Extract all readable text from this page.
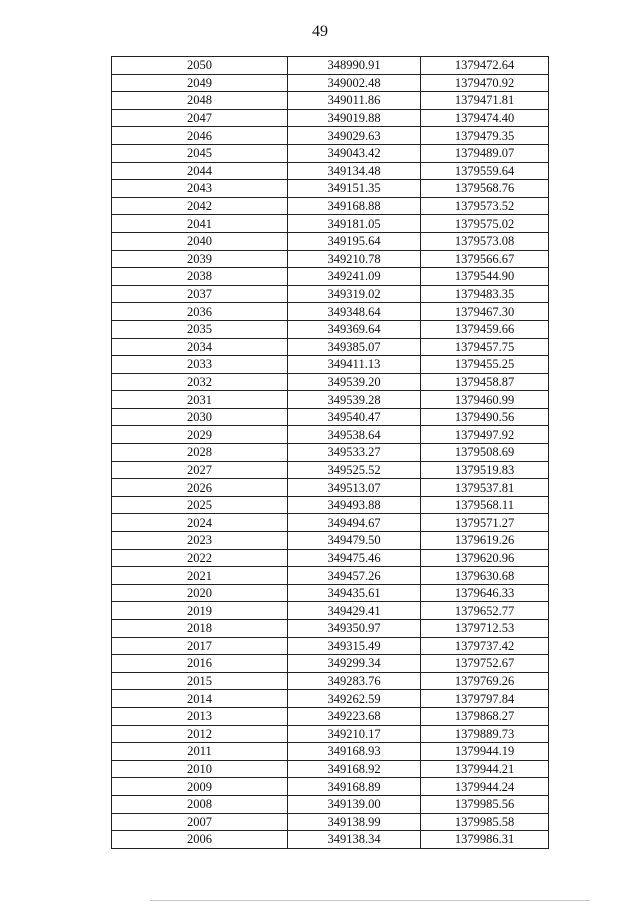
49
2050	348990.91	1379472.64
2049	349002.48	1379470.92
2048	349011.86	1379471.81
2047	349019.88	1379474.40
2046	349029.63	1379479.35
2045	349043.42	1379489.07
2044	349134.48	1379559.64
2043	349151.35	1379568.76
2042	349168.88	1379573.52
2041	349181.05	1379575.02
2040	349195.64	1379573.08
2039	349210.78	1379566.67
2038	349241.09	1379544.90
2037	349319.02	1379483.35
2036	349348.64	1379467.30
2035	349369.64	1379459.66
2034	349385.07	1379457.75
2033	349411.13	1379455.25
2032	349539.20	1379458.87
2031	349539.28	1379460.99
2030	349540.47	1379490.56
2029	349538.64	1379497.92
2028	349533.27	1379508.69
2027	349525.52	1379519.83
2026	349513.07	1379537.81
2025	349493.88	1379568.11
2024	349494.67	1379571.27
2023	349479.50	1379619.26
2022	349475.46	1379620.96
2021	349457.26	1379630.68
2020	349435.61	1379646.33
2019	349429.41	1379652.77
2018	349350.97	1379712.53
2017	349315.49	1379737.42
2016	349299.34	1379752.67
2015	349283.76	1379769.26
2014	349262.59	1379797.84
2013	349223.68	1379868.27
2012	349210.17	1379889.73
2011	349168.93	1379944.19
2010	349168.92	1379944.21
2009	349168.89	1379944.24
2008	349139.00	1379985.56
2007	349138.99	1379985.58
2006	349138.34	1379986.31
